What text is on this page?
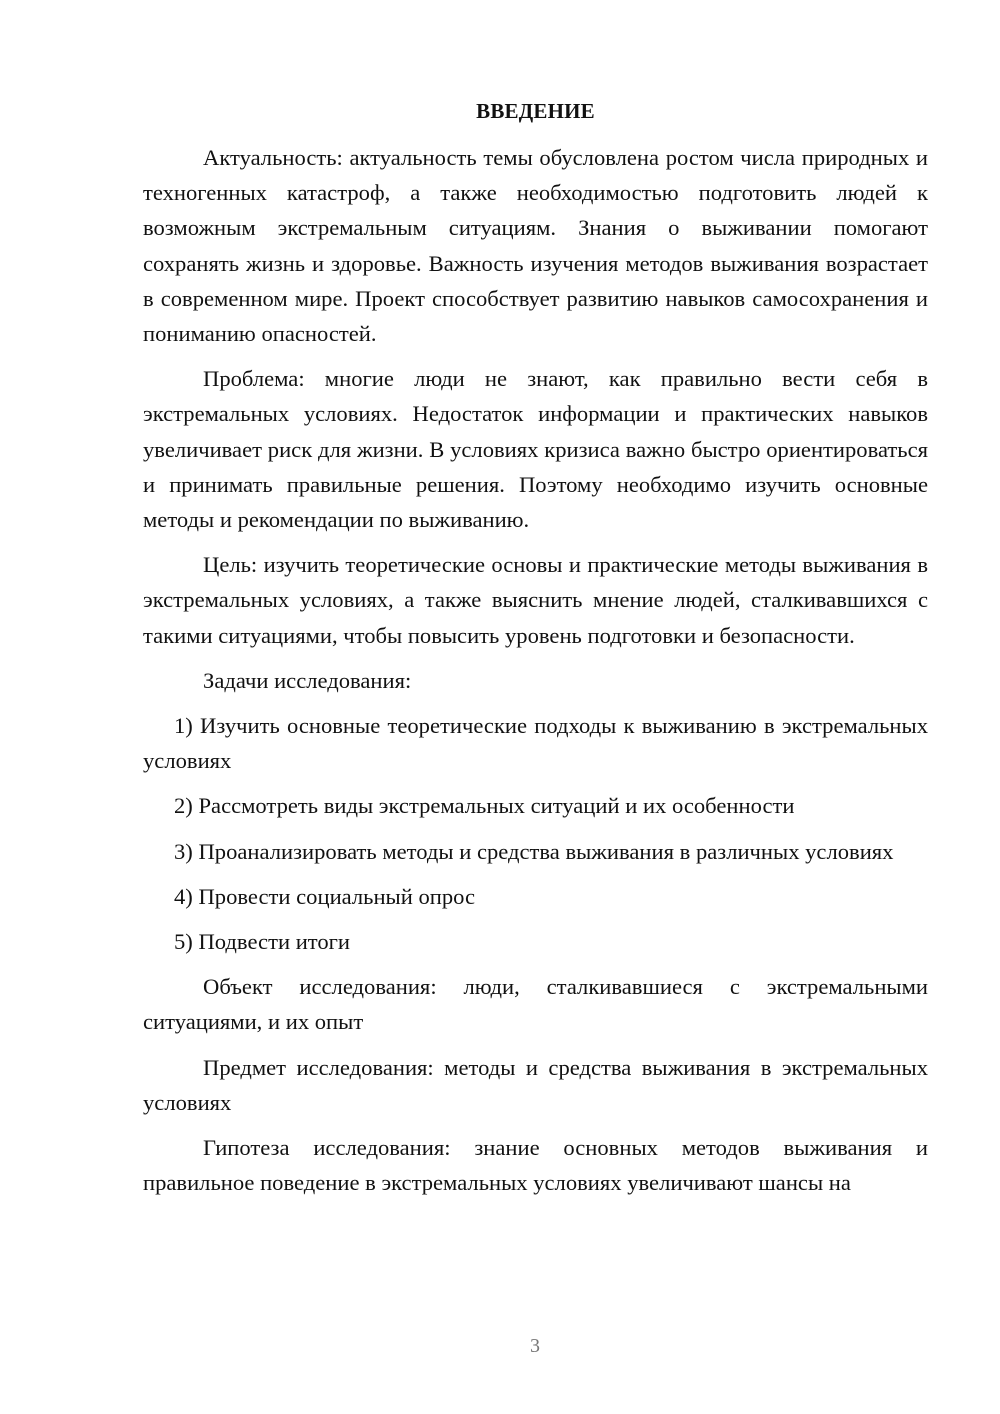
ВВЕДЕНИЕ

Актуальность: актуальность темы обусловлена ростом числа природных и техногенных катастроф, а также необходимостью подготовить людей к возможным экстремальным ситуациям. Знания о выживании помогают сохранять жизнь и здоровье. Важность изучения методов выживания возрастает в современном мире. Проект способствует развитию навыков самосохранения и пониманию опасностей.

Проблема: многие люди не знают, как правильно вести себя в экстремальных условиях. Недостаток информации и практических навыков увеличивает риск для жизни. В условиях кризиса важно быстро ориентироваться и принимать правильные решения. Поэтому необходимо изучить основные методы и рекомендации по выживанию.

Цель: изучить теоретические основы и практические методы выживания в экстремальных условиях, а также выяснить мнение людей, сталкивавшихся с такими ситуациями, чтобы повысить уровень подготовки и безопасности.

Задачи исследования:

1) Изучить основные теоретические подходы к выживанию в экстремальных условиях

2) Рассмотреть виды экстремальных ситуаций и их особенности

3) Проанализировать методы и средства выживания в различных условиях

4) Провести социальный опрос

5) Подвести итоги

Объект исследования: люди, сталкивавшиеся с экстремальными ситуациями, и их опыт

Предмет исследования: методы и средства выживания в экстремальных условиях

Гипотеза исследования: знание основных методов выживания и правильное поведение в экстремальных условиях увеличивают шансы на

3
